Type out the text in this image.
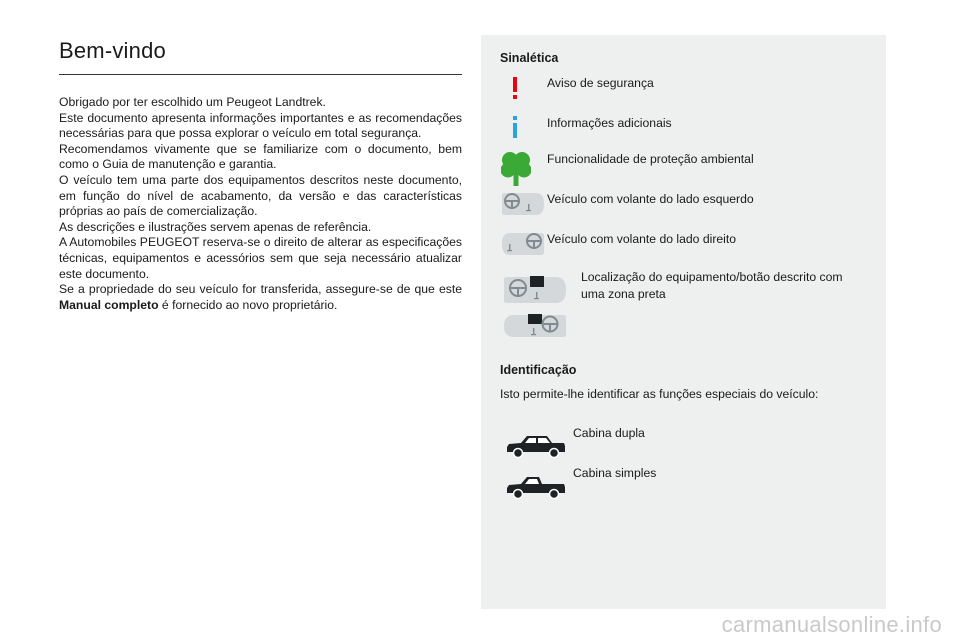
Bem-vindo

Obrigado por ter escolhido um Peugeot Landtrek.

Este documento apresenta informações importantes e as recomendações necessárias para que possa explorar o veículo em total segurança.

Recomendamos vivamente que se familiarize com o documento, bem como o Guia de manutenção e garantia.

O veículo tem uma parte dos equipamentos descritos neste documento, em função do nível de acabamento, da versão e das características próprias ao país de comercialização.

As descrições e ilustrações servem apenas de referência.

A Automobiles PEUGEOT reserva-se o direito de alterar as especificações técnicas, equipamentos e acessórios sem que seja necessário atualizar este documento.

Se a propriedade do seu veículo for transferida, assegure-se de que este Manual completo é fornecido ao novo proprietário.

Sinalética
Aviso de segurança
Informações adicionais
Funcionalidade de proteção ambiental
Veículo com volante do lado esquerdo
Veículo com volante do lado direito
Localização do equipamento/botão descrito com uma zona preta
Identificação
Isto permite-lhe identificar as funções especiais do veículo:
Cabina dupla
Cabina simples
carmanualsonline.info
